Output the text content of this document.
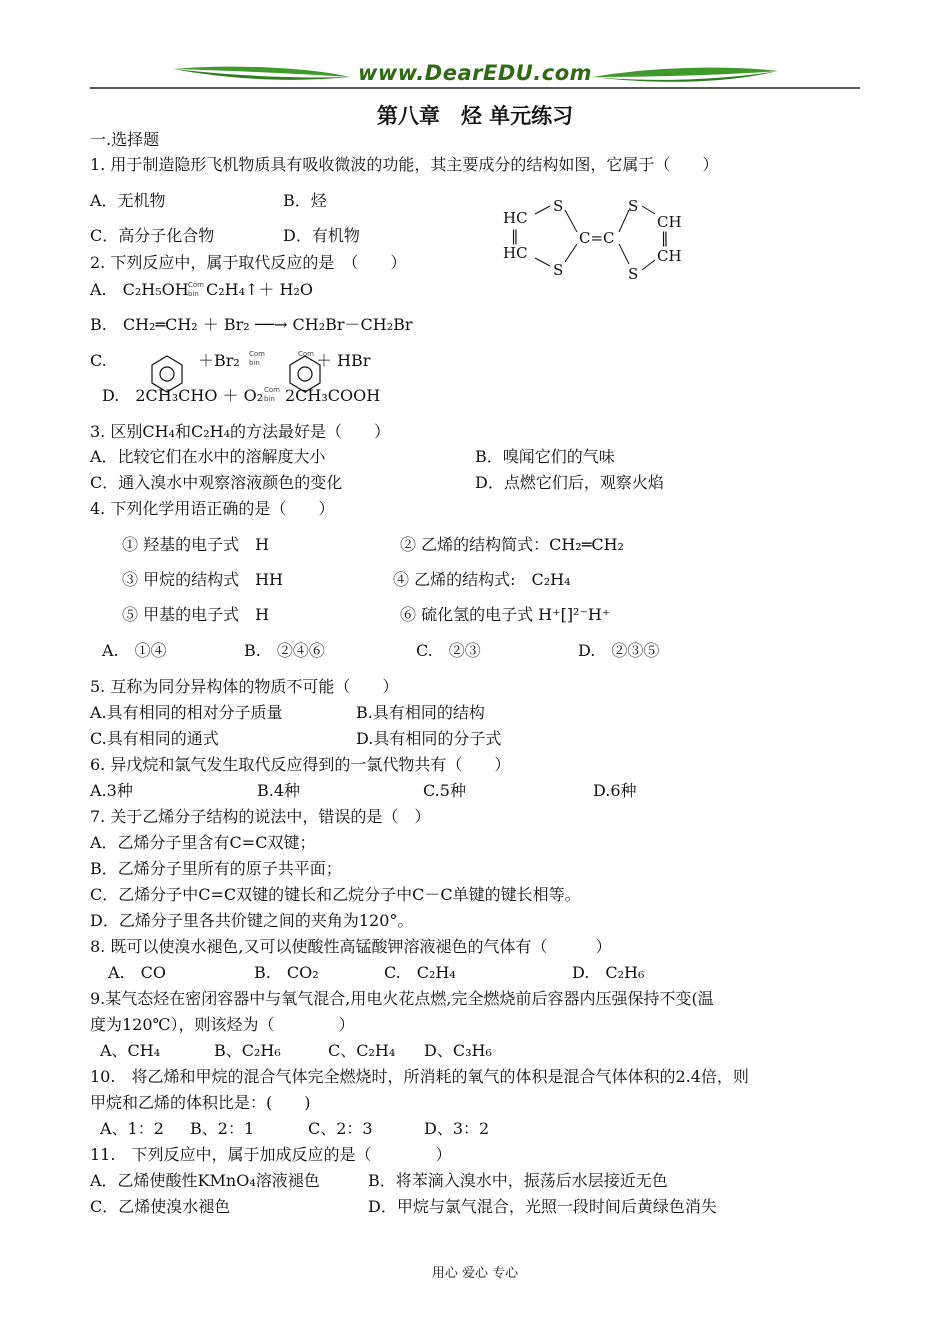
www.DearEDU.com
第八章　烃 单元练习
一.选择题
1. 用于制造隐形飞机物质具有吸收微波的功能，其主要成分的结构如图，它属于（　　）
A．无机物	B．烃
C．高分子化合物	D．有机物
HC
S
‖
HC
S
C=C
S
CH
‖
CH
S
2. 下列反应中，属于取代反应的是　（　　）
A.　C₂H₅OH Com
bin C₂H₄↑＋ H₂O
B.　CH₂═CH₂ ＋ Br₂ ──→ CH₂Br－CH₂Br
C.	＋Br₂ Com
bin
Com ＋ HBr
D.　2CH₃CHO ＋ O₂ Com
bin 2CH₃COOH
3. 区别CH₄和C₂H₄的方法最好是（　　）
A．比较它们在水中的溶解度大小	B．嗅闻它们的气味
C．通入溴水中观察溶液颜色的变化	D．点燃它们后，观察火焰
4. 下列化学用语正确的是（　　）
① 羟基的电子式　H	② 乙烯的结构简式：CH₂═CH₂
③ 甲烷的结构式　HH	④ 乙烯的结构式:　C₂H₄
⑤ 甲基的电子式　H	⑥ 硫化氢的电子式 H⁺[]²⁻H⁺
A.　①④	B.　②④⑥	C.　②③	D.　②③⑤
5. 互称为同分异构体的物质不可能（　　）
A.具有相同的相对分子质量	B.具有相同的结构
C.具有相同的通式	D.具有相同的分子式
6. 异戊烷和氯气发生取代反应得到的一氯代物共有（　　）
A.3种	B.4种	C.5种	D.6种
7. 关于乙烯分子结构的说法中，错误的是（　）
A．乙烯分子里含有C=C双键；
B．乙烯分子里所有的原子共平面；
C．乙烯分子中C=C双键的键长和乙烷分子中C－C单键的键长相等。
D．乙烯分子里各共价键之间的夹角为120°。
8. 既可以使溴水褪色,又可以使酸性高锰酸钾溶液褪色的气体有（　　　）
A.　CO	B.　CO₂	C.　C₂H₄	D.　C₂H₆
9.某气态烃在密闭容器中与氧气混合,用电火花点燃,完全燃烧前后容器内压强保持不变(温
度为120℃），则该烃为（　　　　）
A、CH₄	B、C₂H₆	C、C₂H₄ D、C₃H₆
10.　将乙烯和甲烷的混合气体完全燃烧时，所消耗的氧气的体积是混合气体体积的2.4倍，则
甲烷和乙烯的体积比是：(　　)
A、1：2 B、2：1	C、2：3	D、3：2
11.　下列反应中，属于加成反应的是（　　　　）
A．乙烯使酸性KMnO₄溶液褪色	B．将苯滴入溴水中，振荡后水层接近无色
C．乙烯使溴水褪色	D．甲烷与氯气混合，光照一段时间后黄绿色消失
用心 爱心 专心
